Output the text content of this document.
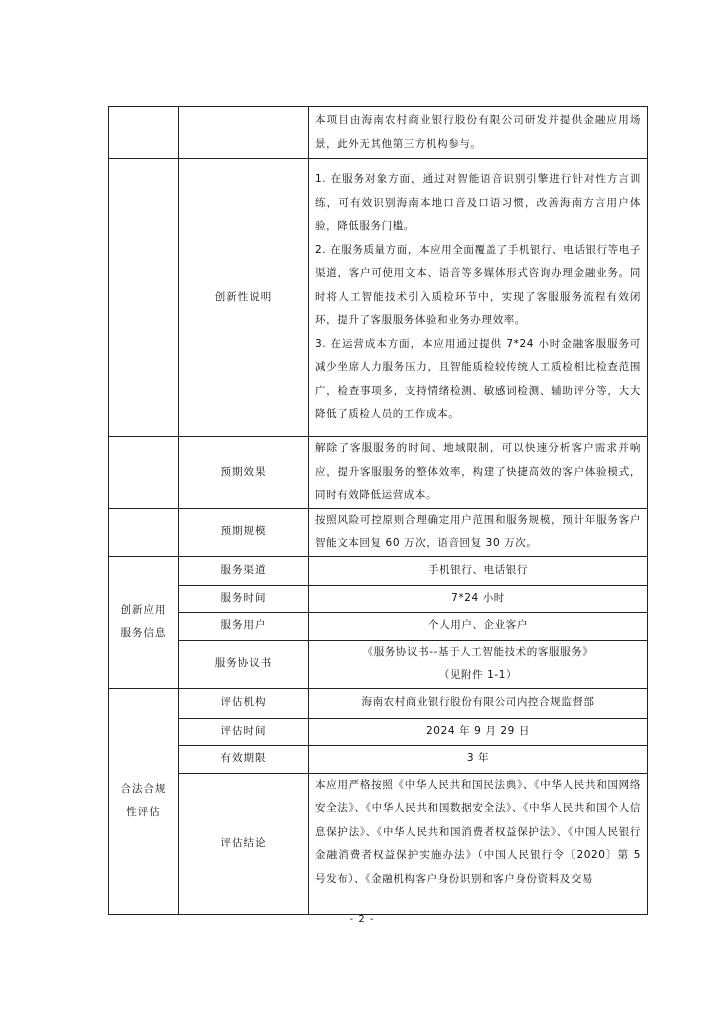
		本项目由海南农村商业银行股份有限公司研发并提供金融应用场景，此外无其他第三方机构参与。

	创新性说明	1. 在服务对象方面，通过对智能语音识别引擎进行针对性方言训练，可有效识别海南本地口音及口语习惯，改善海南方言用户体验，降低服务门槛。
2. 在服务质量方面，本应用全面覆盖了手机银行、电话银行等电子渠道，客户可使用文本、语音等多媒体形式咨询办理金融业务。同时将人工智能技术引入质检环节中，实现了客服服务流程有效闭环，提升了客服服务体验和业务办理效率。
3. 在运营成本方面，本应用通过提供 7*24 小时金融客服服务可减少坐席人力服务压力，且智能质检较传统人工质检相比检查范围广，检查事项多，支持情绪检测、敏感词检测、辅助评分等，大大降低了质检人员的工作成本。

	预期效果	解除了客服服务的时间、地域限制，可以快速分析客户需求并响应，提升客服服务的整体效率，构建了快捷高效的客户体验模式，同时有效降低运营成本。

	预期规模	按照风险可控原则合理确定用户范围和服务规模，预计年服务客户智能文本回复 60 万次，语音回复 30 万次。

创新应用服务信息	服务渠道	手机银行、电话银行
	服务时间	7*24 小时
	服务用户	个人用户、企业客户
	服务协议书	《服务协议书--基于人工智能技术的客服服务》
（见附件 1-1）

合法合规性评估	评估机构	海南农村商业银行股份有限公司内控合规监督部
	评估时间	2024 年 9 月 29 日
	有效期限	3 年
	评估结论	本应用严格按照《中华人民共和国民法典》、《中华人民共和国网络安全法》、《中华人民共和国数据安全法》、《中华人民共和国个人信息保护法》、《中华人民共和国消费者权益保护法》、《中国人民银行金融消费者权益保护实施办法》（中国人民银行令〔2020〕第 5 号发布）、《金融机构客户身份识别和客户身份资料及交易
- 2 -
